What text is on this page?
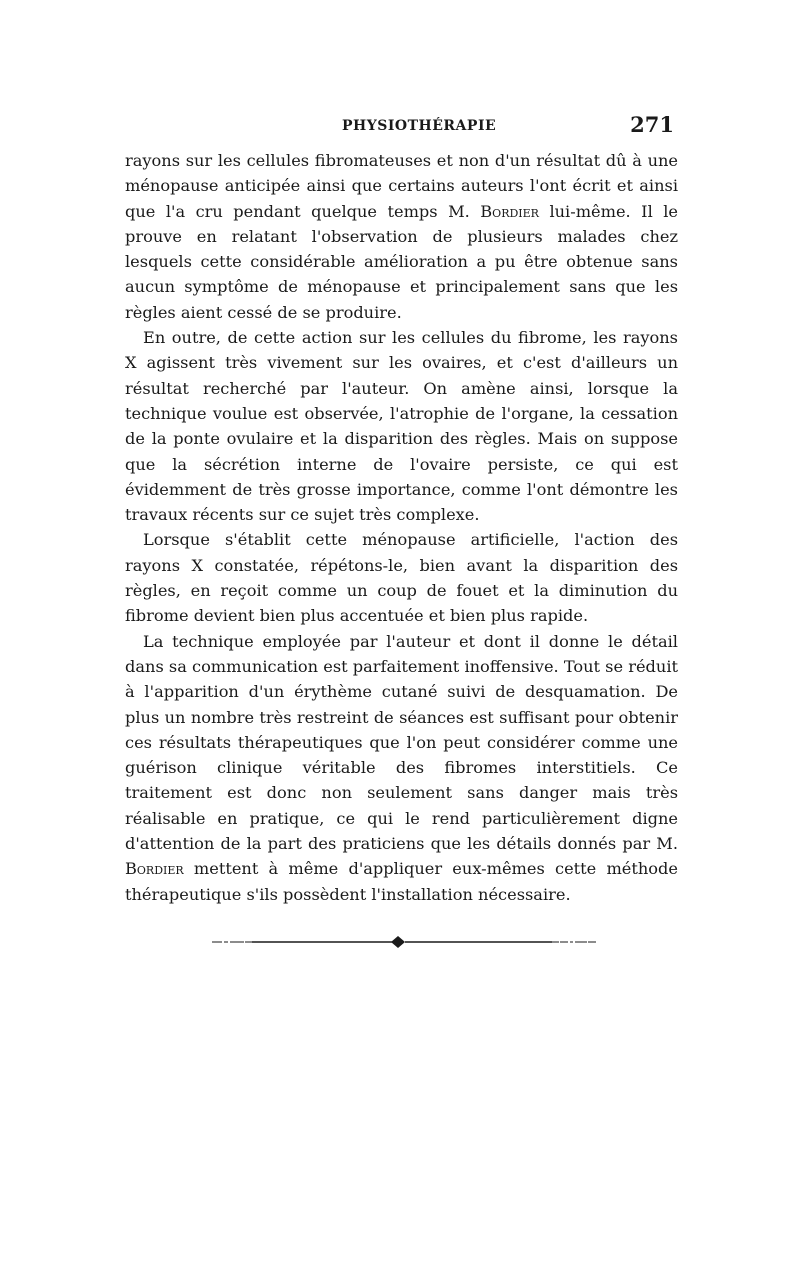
PHYSIOTHÉRAPIE	271

rayons sur les cellules fibromateuses et non d'un résultat dû à une ménopause anticipée ainsi que certains auteurs l'ont écrit et ainsi que l'a cru pendant quelque temps M. Bordier lui-même. Il le prouve en relatant l'observation de plusieurs malades chez lesquels cette considérable amélioration a pu être obtenue sans aucun symptôme de ménopause et principalement sans que les règles aient cessé de se produire.

En outre, de cette action sur les cellules du fibrome, les rayons X agissent très vivement sur les ovaires, et c'est d'ailleurs un résultat recherché par l'auteur. On amène ainsi, lorsque la technique voulue est observée, l'atrophie de l'organe, la cessation de la ponte ovulaire et la disparition des règles. Mais on suppose que la sécrétion interne de l'ovaire persiste, ce qui est évidemment de très grosse importance, comme l'ont démontre les travaux récents sur ce sujet très complexe.

Lorsque s'établit cette ménopause artificielle, l'action des rayons X constatée, répétons-le, bien avant la disparition des règles, en reçoit comme un coup de fouet et la diminution du fibrome devient bien plus accentuée et bien plus rapide.

La technique employée par l'auteur et dont il donne le détail dans sa communication est parfaitement inoffensive. Tout se réduit à l'apparition d'un érythème cutané suivi de desquamation. De plus un nombre très restreint de séances est suffisant pour obtenir ces résultats thérapeutiques que l'on peut considérer comme une guérison clinique véritable des fibromes interstitiels. Ce traitement est donc non seulement sans danger mais très réalisable en pratique, ce qui le rend particulièrement digne d'attention de la part des praticiens que les détails donnés par M. Bordier mettent à même d'appliquer eux-mêmes cette méthode thérapeutique s'ils possèdent l'installation nécessaire.
